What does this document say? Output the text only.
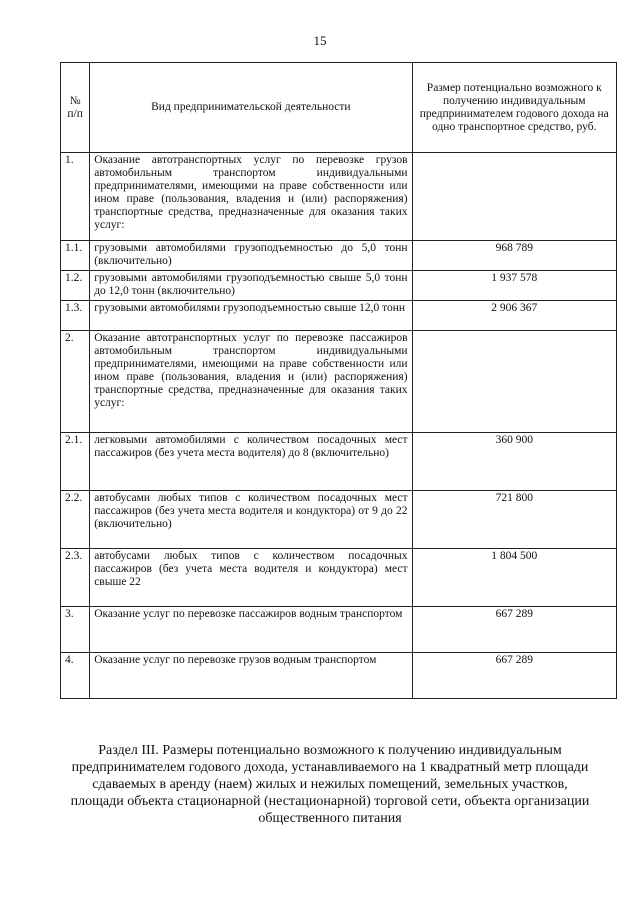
15
№
п/п	Вид предпринимательской деятельности	Размер потенциально возможного к получению индивидуальным предпринимателем годового дохода на одно транспортное средство, руб.
1.	Оказание автотранспортных услуг по перевозке грузов автомобильным транспортом индивидуальными предпринимателями, имеющими на праве собственности или ином праве (пользования, владения и (или) распоряжения) транспортные средства, предназначенные для оказания таких услуг:	
1.1.	грузовыми автомобилями грузоподъемностью до 5,0 тонн (включительно)	968 789
1.2.	грузовыми автомобилями грузоподъемностью свыше 5,0 тонн до 12,0 тонн (включительно)	1 937 578
1.3.	грузовыми автомобилями грузоподъемностью свыше 12,0 тонн	2 906 367
2.	Оказание автотранспортных услуг по перевозке пассажиров автомобильным транспортом индивидуальными предпринимателями, имеющими на праве собственности или ином праве (пользования, владения и (или) распоряжения) транспортные средства, предназначенные для оказания таких услуг:	
2.1.	легковыми автомобилями с количеством посадочных мест пассажиров (без учета места водителя) до 8 (включительно)	360 900
2.2.	автобусами любых типов с количеством посадочных мест пассажиров (без учета места водителя и кондуктора) от 9 до 22 (включительно)	721 800
2.3.	автобусами любых типов с количеством посадочных пассажиров (без учета места водителя и кондуктора) мест свыше 22	1 804 500
3.	Оказание услуг по перевозке пассажиров водным транспортом	667 289
4.	Оказание услуг по перевозке грузов водным транспортом	667 289
Раздел III. Размеры потенциально возможного к получению индивидуальным предпринимателем годового дохода, устанавливаемого на 1 квадратный метр площади сдаваемых в аренду (наем) жилых и нежилых помещений, земельных участков, площади объекта стационарной (нестационарной) торговой сети, объекта организации общественного питания
